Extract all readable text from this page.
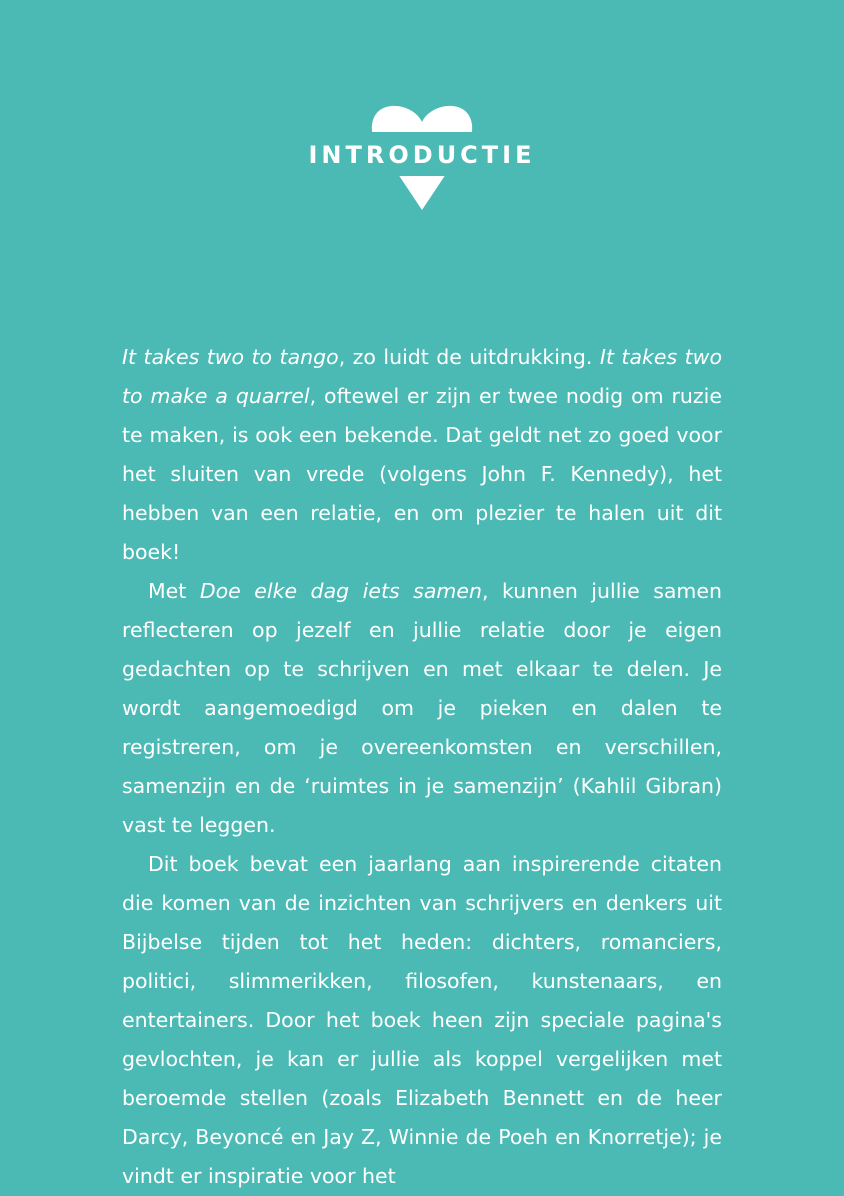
INTRODUCTIE

It takes two to tango, zo luidt de uitdrukking. It takes two to make a quarrel, oftewel er zijn er twee nodig om ruzie te maken, is ook een bekende. Dat geldt net zo goed voor het sluiten van vrede (volgens John F. Kennedy), het hebben van een relatie, en om plezier te halen uit dit boek!

Met Doe elke dag iets samen, kunnen jullie samen reflecteren op jezelf en jullie relatie door je eigen gedachten op te schrijven en met elkaar te delen. Je wordt aangemoedigd om je pieken en dalen te registreren, om je overeenkomsten en verschillen, samenzijn en de ‘ruimtes in je samenzijn’ (Kahlil Gibran) vast te leggen.

Dit boek bevat een jaarlang aan inspirerende citaten die komen van de inzichten van schrijvers en denkers uit Bijbelse tijden tot het heden: dichters, romanciers, politici, slimmerikken, filosofen, kunstenaars, en entertainers. Door het boek heen zijn speciale pagina's gevlochten, je kan er jullie als koppel vergelijken met beroemde stellen (zoals Elizabeth Bennett en de heer Darcy, Beyoncé en Jay Z, Winnie de Poeh en Knorretje); je vindt er inspiratie voor het
